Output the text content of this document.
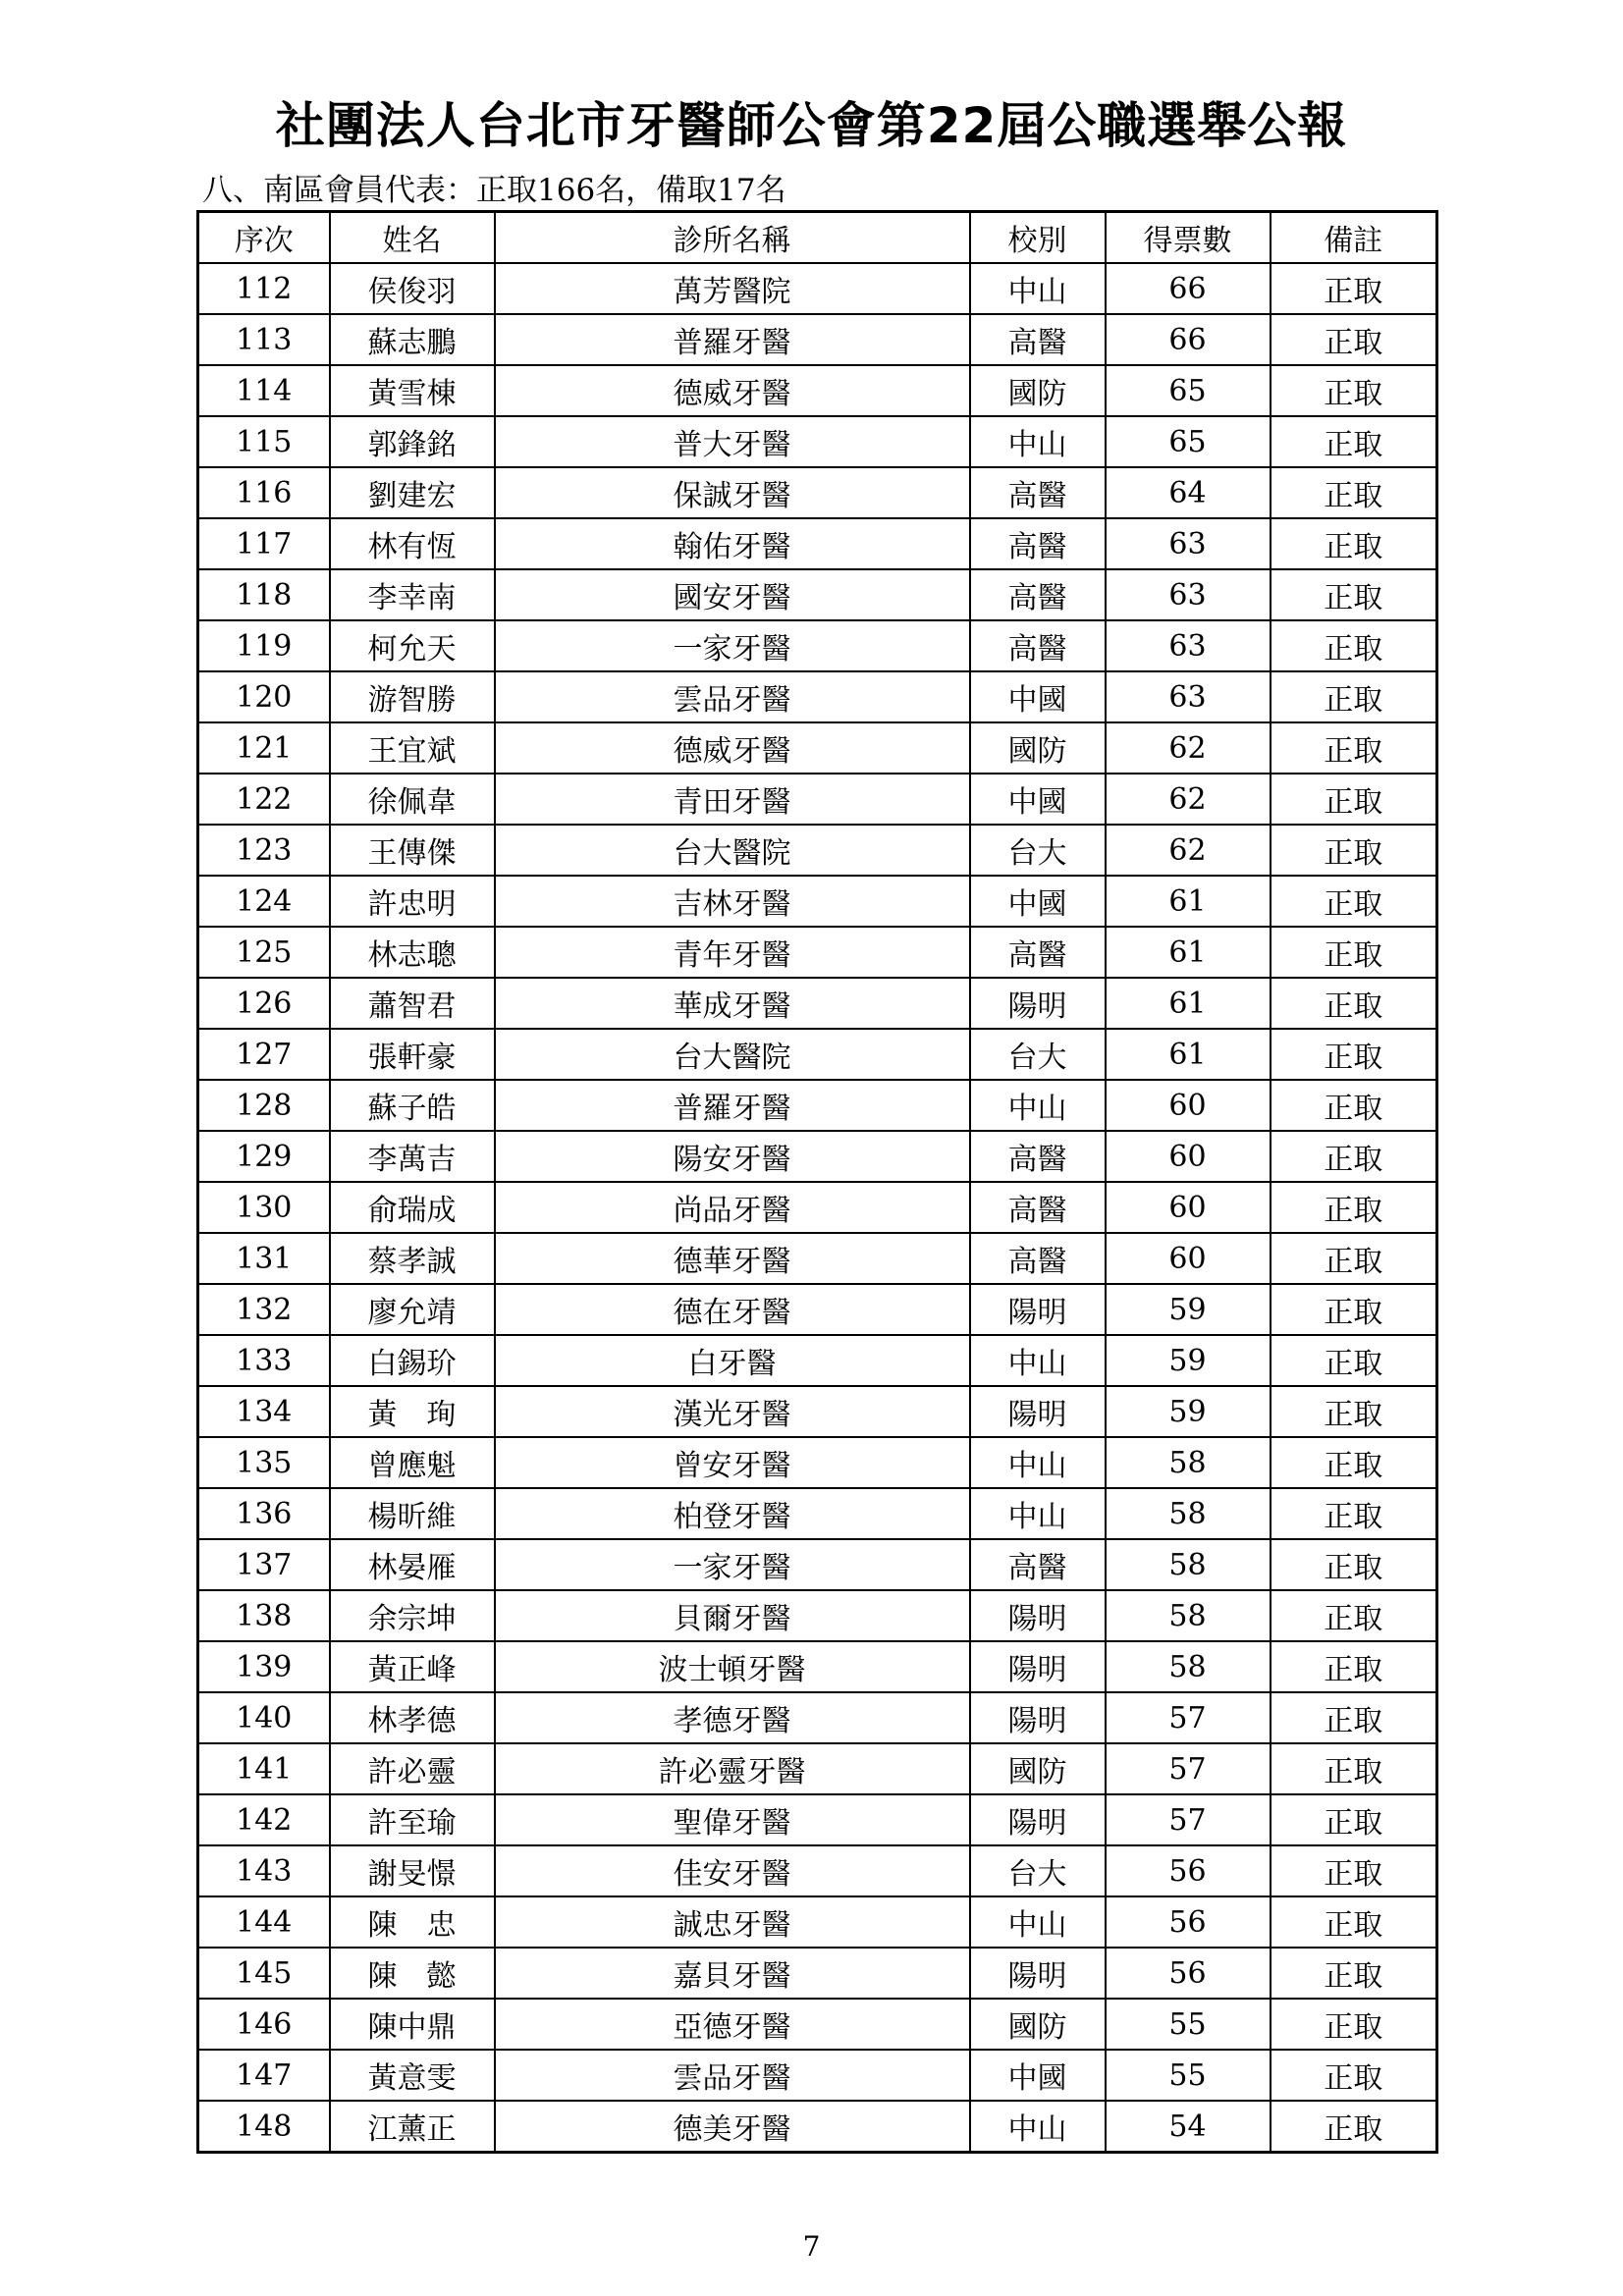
社團法人台北市牙醫師公會第22屆公職選舉公報

八、南區會員代表：正取166名，備取17名

序次	姓名	診所名稱	校別	得票數	備註
112	侯俊羽	萬芳醫院	中山	66	正取
113	蘇志鵬	普羅牙醫	高醫	66	正取
114	黃雪棟	德威牙醫	國防	65	正取
115	郭鋒銘	普大牙醫	中山	65	正取
116	劉建宏	保誠牙醫	高醫	64	正取
117	林有恆	翰佑牙醫	高醫	63	正取
118	李幸南	國安牙醫	高醫	63	正取
119	柯允天	一家牙醫	高醫	63	正取
120	游智勝	雲品牙醫	中國	63	正取
121	王宜斌	德威牙醫	國防	62	正取
122	徐佩韋	青田牙醫	中國	62	正取
123	王傳傑	台大醫院	台大	62	正取
124	許忠明	吉林牙醫	中國	61	正取
125	林志聰	青年牙醫	高醫	61	正取
126	蕭智君	華成牙醫	陽明	61	正取
127	張軒豪	台大醫院	台大	61	正取
128	蘇子皓	普羅牙醫	中山	60	正取
129	李萬吉	陽安牙醫	高醫	60	正取
130	俞瑞成	尚品牙醫	高醫	60	正取
131	蔡孝誠	德華牙醫	高醫	60	正取
132	廖允靖	德在牙醫	陽明	59	正取
133	白錫玠	白牙醫	中山	59	正取
134	黃　珣	漢光牙醫	陽明	59	正取
135	曾應魁	曾安牙醫	中山	58	正取
136	楊昕維	柏登牙醫	中山	58	正取
137	林晏雁	一家牙醫	高醫	58	正取
138	余宗坤	貝爾牙醫	陽明	58	正取
139	黃正峰	波士頓牙醫	陽明	58	正取
140	林孝德	孝德牙醫	陽明	57	正取
141	許必靈	許必靈牙醫	國防	57	正取
142	許至瑜	聖偉牙醫	陽明	57	正取
143	謝旻憬	佳安牙醫	台大	56	正取
144	陳　忠	誠忠牙醫	中山	56	正取
145	陳　懿	嘉貝牙醫	陽明	56	正取
146	陳中鼎	亞德牙醫	國防	55	正取
147	黃意雯	雲品牙醫	中國	55	正取
148	江薰正	德美牙醫	中山	54	正取

7
